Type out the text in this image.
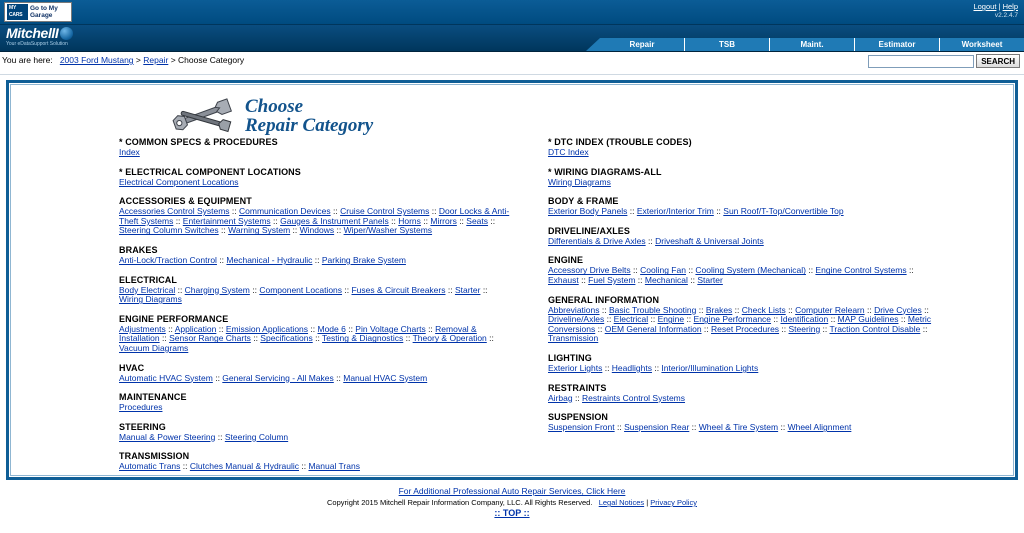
MY CARS
Go to My Garage
Logout | Help
v2.2.4.7
MitchellI
Your eDataSupport Solution	Repair	TSB	Maint.	Estimator	Worksheet
You are here: 2003 Ford Mustang > Repair > Choose Category	SEARCH
Choose
Repair Category
* COMMON SPECS & PROCEDURES
Index
* ELECTRICAL COMPONENT LOCATIONS
Electrical Component Locations
ACCESSORIES & EQUIPMENT
Accessories Control Systems :: Communication Devices :: Cruise Control Systems :: Door Locks & Anti-Theft Systems :: Entertainment Systems :: Gauges & Instrument Panels :: Horns :: Mirrors :: Seats :: Steering Column Switches :: Warning System :: Windows :: Wiper/Washer Systems
BRAKES
Anti-Lock/Traction Control :: Mechanical - Hydraulic :: Parking Brake System
ELECTRICAL
Body Electrical :: Charging System :: Component Locations :: Fuses & Circuit Breakers :: Starter :: Wiring Diagrams
ENGINE PERFORMANCE
Adjustments :: Application :: Emission Applications :: Mode 6 :: Pin Voltage Charts :: Removal & Installation :: Sensor Range Charts :: Specifications :: Testing & Diagnostics :: Theory & Operation :: Vacuum Diagrams
HVAC
Automatic HVAC System :: General Servicing - All Makes :: Manual HVAC System
MAINTENANCE
Procedures
STEERING
Manual & Power Steering :: Steering Column
TRANSMISSION
Automatic Trans :: Clutches Manual & Hydraulic :: Manual Trans
* DTC INDEX (TROUBLE CODES)
DTC Index
* WIRING DIAGRAMS-ALL
Wiring Diagrams
BODY & FRAME
Exterior Body Panels :: Exterior/Interior Trim :: Sun Roof/T-Top/Convertible Top
DRIVELINE/AXLES
Differentials & Drive Axles :: Driveshaft & Universal Joints
ENGINE
Accessory Drive Belts :: Cooling Fan :: Cooling System (Mechanical) :: Engine Control Systems :: Exhaust :: Fuel System :: Mechanical :: Starter
GENERAL INFORMATION
Abbreviations :: Basic Trouble Shooting :: Brakes :: Check Lists :: Computer Relearn :: Drive Cycles :: Driveline/Axles :: Electrical :: Engine :: Engine Performance :: Identification :: MAP Guidelines :: Metric Conversions :: OEM General Information :: Reset Procedures :: Steering :: Traction Control Disable :: Transmission
LIGHTING
Exterior Lights :: Headlights :: Interior/Illumination Lights
RESTRAINTS
Airbag :: Restraints Control Systems
SUSPENSION
Suspension Front :: Suspension Rear :: Wheel & Tire System :: Wheel Alignment
For Additional Professional Auto Repair Services, Click Here
Copyright 2015 Mitchell Repair Information Company, LLC. All Rights Reserved. Legal Notices | Privacy Policy
:: TOP ::
